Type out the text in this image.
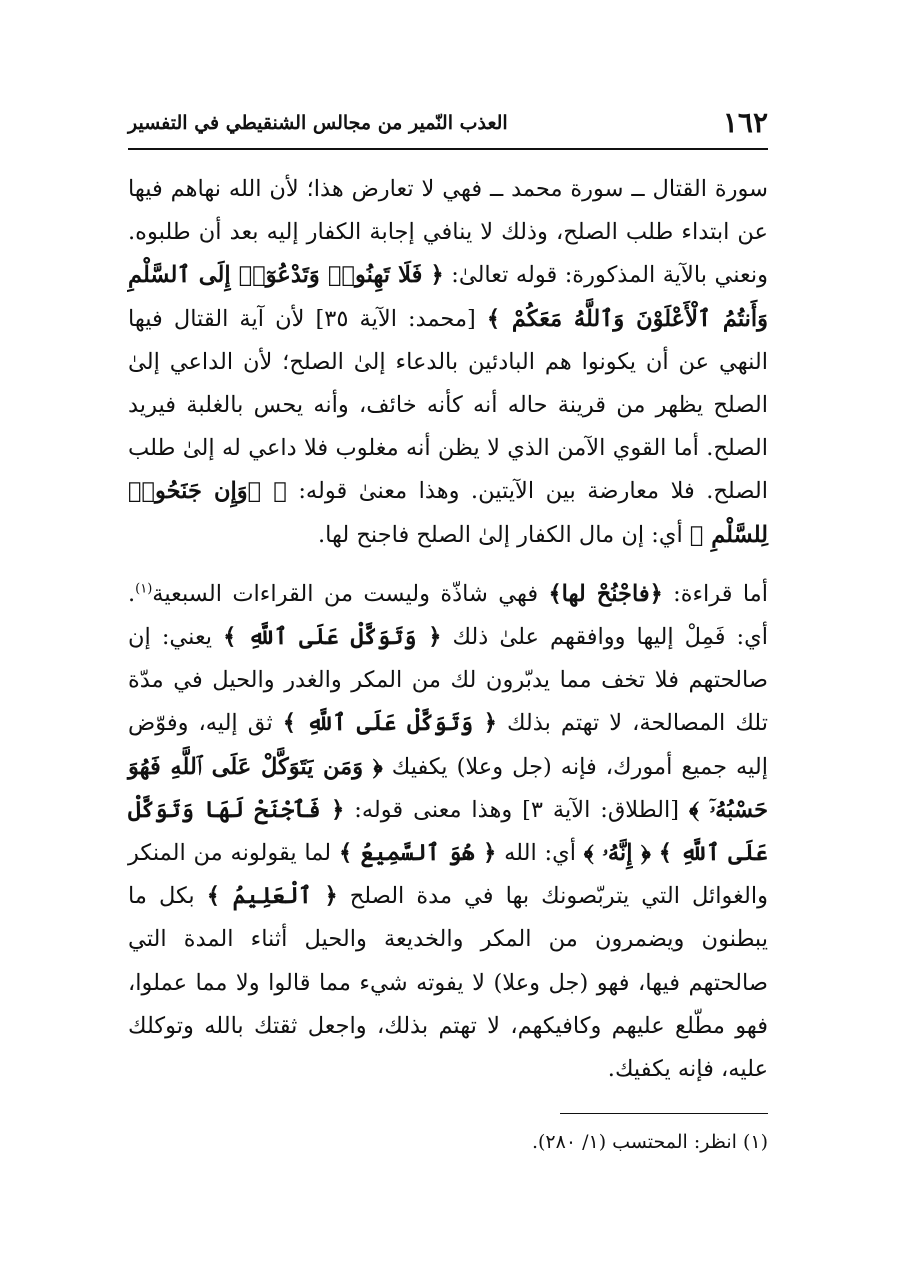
١٦٢
العذب النّمير من مجالس الشنقيطي في التفسير

سورة القتال ــ سورة محمد ــ فهي لا تعارض هذا؛ لأن الله نهاهم فيها عن ابتداء طلب الصلح، وذلك لا ينافي إجابة الكفار إليه بعد أن طلبوه. ونعني بالآية المذكورة: قوله تعالىٰ: ﴿ فَلَا تَهِنُوا۟ وَتَدْعُوٓا۟ إِلَى ٱلسَّلْمِ وَأَنتُمُ ٱلْأَعْلَوْنَ وَٱللَّهُ مَعَكُمْ ﴾ [محمد: الآية ٣٥] لأن آية القتال فيها النهي عن أن يكونوا هم البادئين بالدعاء إلىٰ الصلح؛ لأن الداعي إلىٰ الصلح يظهر من قرينة حاله أنه كأنه خائف، وأنه يحس بالغلبة فيريد الصلح. أما القوي الآمن الذي لا يظن أنه مغلوب فلا داعي له إلىٰ طلب الصلح. فلا معارضة بين الآيتين. وهذا معنىٰ قوله: ﴿ ۞وَإِن جَنَحُوا۟ لِلسَّلْمِ ﴾ أي: إن مال الكفار إلىٰ الصلح فاجنح لها.

أما قراءة: ﴿فاجْنُحْ لها﴾ فهي شاذّة وليست من القراءات السبعية$^{(١)}$. أي: فَمِلْ إليها ووافقهم علىٰ ذلك ﴿ وَتَوَكَّلْ عَلَى ٱللَّهِ ﴾ يعني: إن صالحتهم فلا تخف مما يدبّرون لك من المكر والغدر والحيل في مدّة تلك المصالحة، لا تهتم بذلك ﴿ وَتَوَكَّلْ عَلَى ٱللَّهِ ﴾ ثق إليه، وفوّض إليه جميع أمورك، فإنه (جل وعلا) يكفيك ﴿ وَمَن يَتَوَكَّلْ عَلَى ٱللَّهِ فَهُوَ حَسْبُهُۥٓ ﴾ [الطلاق: الآية ٣] وهذا معنى قوله: ﴿ فَٱجْنَحْ لَهَا وَتَوَكَّلْ عَلَى ٱللَّهِ ﴾ ﴿ إِنَّهُۥ ﴾ أي: الله ﴿ هُوَ ٱلسَّمِيعُ ﴾ لما يقولونه من المنكر والغوائل التي يتربّصونك بها في مدة الصلح ﴿ ٱلْعَلِيمُ ﴾ بكل ما يبطنون ويضمرون من المكر والخديعة والحيل أثناء المدة التي صالحتهم فيها، فهو (جل وعلا) لا يفوته شيء مما قالوا ولا مما عملوا، فهو مطّلع عليهم وكافيكهم، لا تهتم بذلك، واجعل ثقتك بالله وتوكلك عليه، فإنه يكفيك.

(١) انظر: المحتسب (١/ ٢٨٠).
